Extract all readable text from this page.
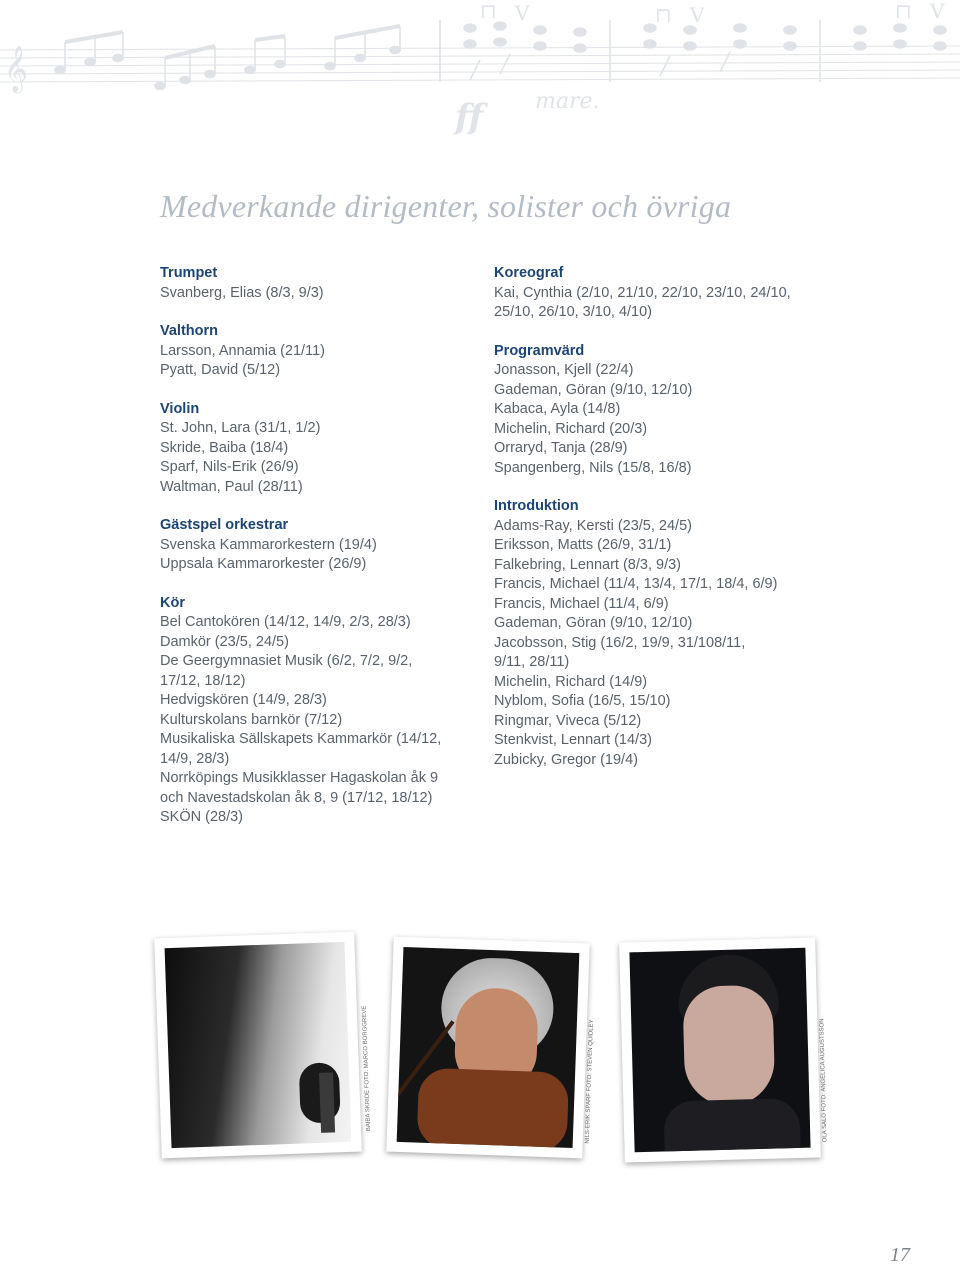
𝄞
⊓ V	⊓ V	⊓ V
ff mare.
Medverkande dirigenter, solister och övriga
Trumpet
Svanberg, Elias (8/3, 9/3)
Valthorn
Larsson, Annamia (21/11)
Pyatt, David (5/12)
Violin
St. John, Lara (31/1, 1/2)
Skride, Baiba (18/4)
Sparf, Nils-Erik (26/9)
Waltman, Paul (28/11)
Gästspel orkestrar
Svenska Kammarorkestern (19/4)
Uppsala Kammarorkester (26/9)
Kör
Bel Cantokören (14/12, 14/9, 2/3, 28/3)
Damkör (23/5, 24/5)
De Geergymnasiet Musik (6/2, 7/2, 9/2,
17/12, 18/12)
Hedvigskören (14/9, 28/3)
Kulturskolans barnkör (7/12)
Musikaliska Sällskapets Kammarkör (14/12,
14/9, 28/3)
Norrköpings Musikklasser Hagaskolan åk 9
och Navestadskolan åk 8, 9 (17/12, 18/12)
SKÖN (28/3)
Koreograf
Kai, Cynthia (2/10, 21/10, 22/10, 23/10, 24/10,
25/10, 26/10, 3/10, 4/10)
Programvärd
Jonasson, Kjell (22/4)
Gademan, Göran (9/10, 12/10)
Kabaca, Ayla (14/8)
Michelin, Richard (20/3)
Orraryd, Tanja (28/9)
Spangenberg, Nils (15/8, 16/8)
Introduktion
Adams-Ray, Kersti (23/5, 24/5)
Eriksson, Matts (26/9, 31/1)
Falkebring, Lennart (8/3, 9/3)
Francis, Michael (11/4, 13/4, 17/1, 18/4, 6/9)
Francis, Michael (11/4, 6/9)
Gademan, Göran (9/10, 12/10)
Jacobsson, Stig (16/2, 19/9, 31/108/11,
9/11, 28/11)
Michelin, Richard (14/9)
Nyblom, Sofia (16/5, 15/10)
Ringmar, Viveca (5/12)
Stenkvist, Lennart (14/3)
Zubicky, Gregor (19/4)
BAIBA SKRIDE FOTO: MARCO BORGGREVE	NILS-ERIK SPARF FOTO: STEVEN QUIDLEY	OLA SALO FOTO: ANGELICA AUGUSTSSON
17
